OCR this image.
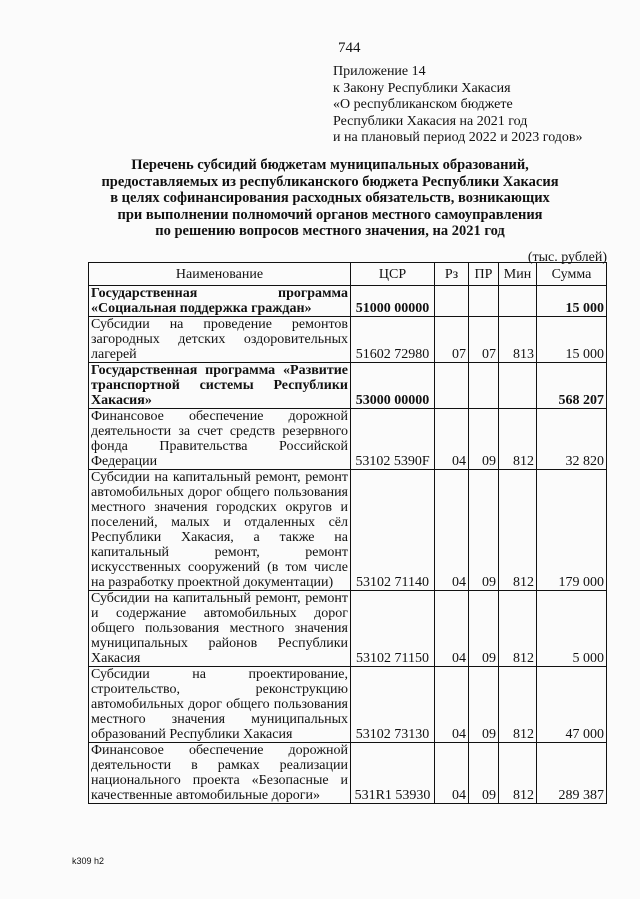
744
Приложение 14
к Закону Республики Хакасия
«О республиканском бюджете
Республики Хакасия на 2021 год
и на плановый период 2022 и 2023 годов»
Перечень субсидий бюджетам муниципальных образований,
предоставляемых из республиканского бюджета Республики Хакасия
в целях софинансирования расходных обязательств, возникающих
при выполнении полномочий органов местного самоуправления
по решению вопросов местного значения, на 2021 год
(тыс. рублей)
Наименование	ЦСР	Рз	ПР	Мин	Сумма
Государственная программа «Социальная поддержка граждан»	51000 00000				15 000
Субсидии на проведение ремонтов загородных детских оздоровительных лагерей	51602 72980	07	07	813	15 000
Государственная программа «Развитие транспортной системы Республики Хакасия»	53000 00000				568 207
Финансовое обеспечение дорожной деятельности за счет средств резервного фонда Правительства Российской Федерации	53102 5390F	04	09	812	32 820
Субсидии на капитальный ремонт, ремонт автомобильных дорог общего пользования местного значения городских округов и поселений, малых и отдаленных сёл Республики Хакасия, а также на капитальный ремонт, ремонт искусственных сооружений (в том числе на разработку проектной документации)	53102 71140	04	09	812	179 000
Субсидии на капитальный ремонт, ремонт и содержание автомобильных дорог общего пользования местного значения муниципальных районов Республики Хакасия	53102 71150	04	09	812	5 000
Субсидии на проектирование, строительство, реконструкцию автомобильных дорог общего пользования местного значения муниципальных образований Республики Хакасия	53102 73130	04	09	812	47 000
Финансовое обеспечение дорожной деятельности в рамках реализации национального проекта «Безопасные и качественные автомобильные дороги»	531R1 53930	04	09	812	289 387
k309 h2
